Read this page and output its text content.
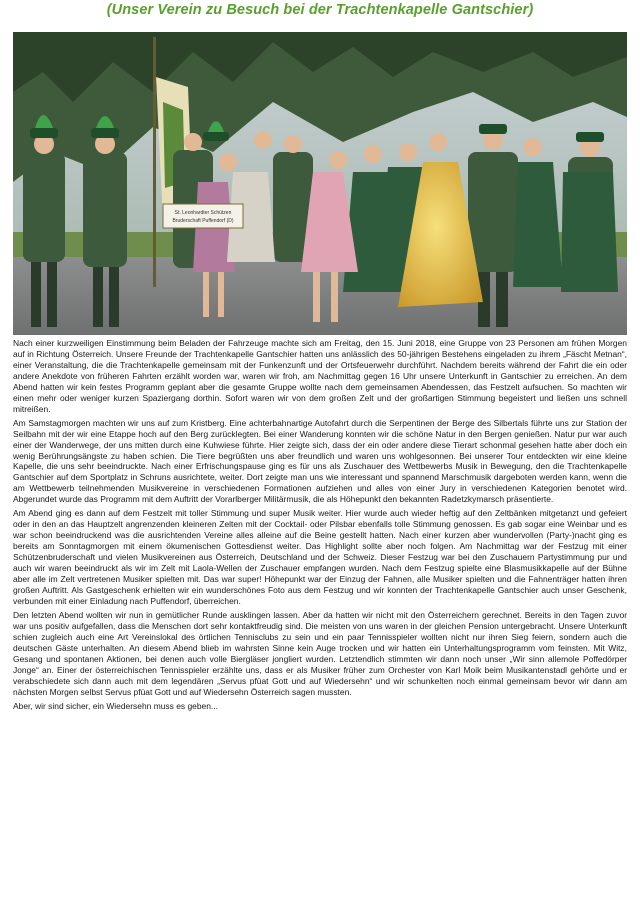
(Unser Verein zu Besuch bei der Trachtenkapelle Gantschier)
St. Leonhardter Schützen
Bruderschaft Puffendorf (D)

Nach einer kurzweiligen Einstimmung beim Beladen der Fahrzeuge machte sich am Freitag, den 15. Juni 2018, eine Gruppe von 23 Personen am frühen Morgen auf in Richtung Österreich. Unsere Freunde der Trachtenkapelle Gantschier hatten uns anlässlich des 50-jährigen Bestehens eingeladen zu ihrem „Fäscht Metnan“, einer Veranstaltung, die die Trachtenkapelle gemeinsam mit der Funkenzunft und der Ortsfeuerwehr durchführt. Nachdem bereits während der Fahrt die ein oder andere Anekdote von früheren Fahrten erzählt worden war, waren wir froh, am Nachmittag gegen 16 Uhr unsere Unterkunft in Gantschier zu erreichen. An dem Abend hatten wir kein festes Programm geplant aber die gesamte Gruppe wollte nach dem gemeinsamen Abendessen, das Festzelt aufsuchen. So machten wir einen mehr oder weniger kurzen Spaziergang dorthin. Sofort waren wir von dem großen Zelt und der großartigen Stimmung begeistert und ließen uns schnell mitreißen.

Am Samstagmorgen machten wir uns auf zum Kristberg. Eine achterbahnartige Autofahrt durch die Serpentinen der Berge des Silbertals führte uns zur Station der Seilbahn mit der wir eine Etappe hoch auf den Berg zurücklegten. Bei einer Wanderung konnten wir die schöne Natur in den Bergen genießen. Natur pur war auch einer der Wanderwege, der uns mitten durch eine Kuhwiese führte. Hier zeigte sich, dass der ein oder andere diese Tierart schonmal gesehen hatte aber doch ein wenig Berührungsängste zu haben schien. Die Tiere begrüßten uns aber freundlich und waren uns wohlgesonnen. Bei unserer Tour entdeckten wir eine kleine Kapelle, die uns sehr beeindruckte. Nach einer Erfrischungspause ging es für uns als Zuschauer des Wettbewerbs Musik in Bewegung, den die Trachtenkapelle Gantschier auf dem Sportplatz in Schruns ausrichtete, weiter. Dort zeigte man uns wie interessant und spannend Marschmusik dargeboten werden kann, wenn die am Wettbewerb teilnehmenden Musikvereine in verschiedenen Formationen aufziehen und alles von einer Jury in verschiedenen Kategorien benotet wird. Abgerundet wurde das Programm mit dem Auftritt der Vorarlberger Militärmusik, die als Höhepunkt den bekannten Radetzkymarsch präsentierte.

Am Abend ging es dann auf dem Festzelt mit toller Stimmung und super Musik weiter. Hier wurde auch wieder heftig auf den Zeltbänken mitgetanzt und gefeiert oder in den an das Hauptzelt angrenzenden kleineren Zelten mit der Cocktail- oder Pilsbar ebenfalls tolle Stimmung genossen. Es gab sogar eine Weinbar und es war schon beeindruckend was die ausrichtenden Vereine alles alleine auf die Beine gestellt hatten. Nach einer kurzen aber wundervollen (Party-)nacht ging es bereits am Sonntagmorgen mit einem ökumenischen Gottesdienst weiter. Das Highlight sollte aber noch folgen. Am Nachmittag war der Festzug mit einer Schützenbruderschaft und vielen Musikvereinen aus Österreich, Deutschland und der Schweiz. Dieser Festzug war bei den Zuschauern Partystimmung pur und auch wir waren beeindruckt als wir im Zelt mit Laola-Wellen der Zuschauer empfangen wurden. Nach dem Festzug spielte eine Blasmusikkapelle auf der Bühne aber alle im Zelt vertretenen Musiker spielten mit. Das war super! Höhepunkt war der Einzug der Fahnen, alle Musiker spielten und die Fahnenträger hatten ihren großen Auftritt. Als Gastgeschenk erhielten wir ein wunderschönes Foto aus dem Festzug und wir konnten der Trachtenkapelle Gantschier auch unser Geschenk, verbunden mit einer Einladung nach Puffendorf, überreichen.

Den letzten Abend wollten wir nun in gemütlicher Runde ausklingen lassen. Aber da hatten wir nicht mit den Österreichern gerechnet. Bereits in den Tagen zuvor war uns positiv aufgefallen, dass die Menschen dort sehr kontaktfreudig sind. Die meisten von uns waren in der gleichen Pension untergebracht. Unsere Unterkunft schien zugleich auch eine Art Vereinslokal des örtlichen Tennisclubs zu sein und ein paar Tennisspieler wollten nicht nur ihren Sieg feiern, sondern auch die deutschen Gäste unterhalten. An diesem Abend blieb im wahrsten Sinne kein Auge trocken und wir hatten ein Unterhaltungsprogramm vom feinsten. Mit Witz, Gesang und spontanen Aktionen, bei denen auch volle Biergläser jongliert wurden. Letztendlich stimmten wir dann noch unser „Wir sinn allemole Poffedörper Jonge“ an. Einer der österreichischen Tennisspieler erzählte uns, dass er als Musiker früher zum Orchester von Karl Moik beim Musikantenstadl gehörte und er verabschiedete sich dann auch mit dem legendären „Servus pfüat Gott und auf Wiedersehn“ und wir schunkelten noch einmal gemeinsam bevor wir dann am nächsten Morgen selbst Servus pfüat Gott und auf Wiedersehn Österreich sagen mussten.

Aber, wir sind sicher, ein Wiedersehn muss es geben...
